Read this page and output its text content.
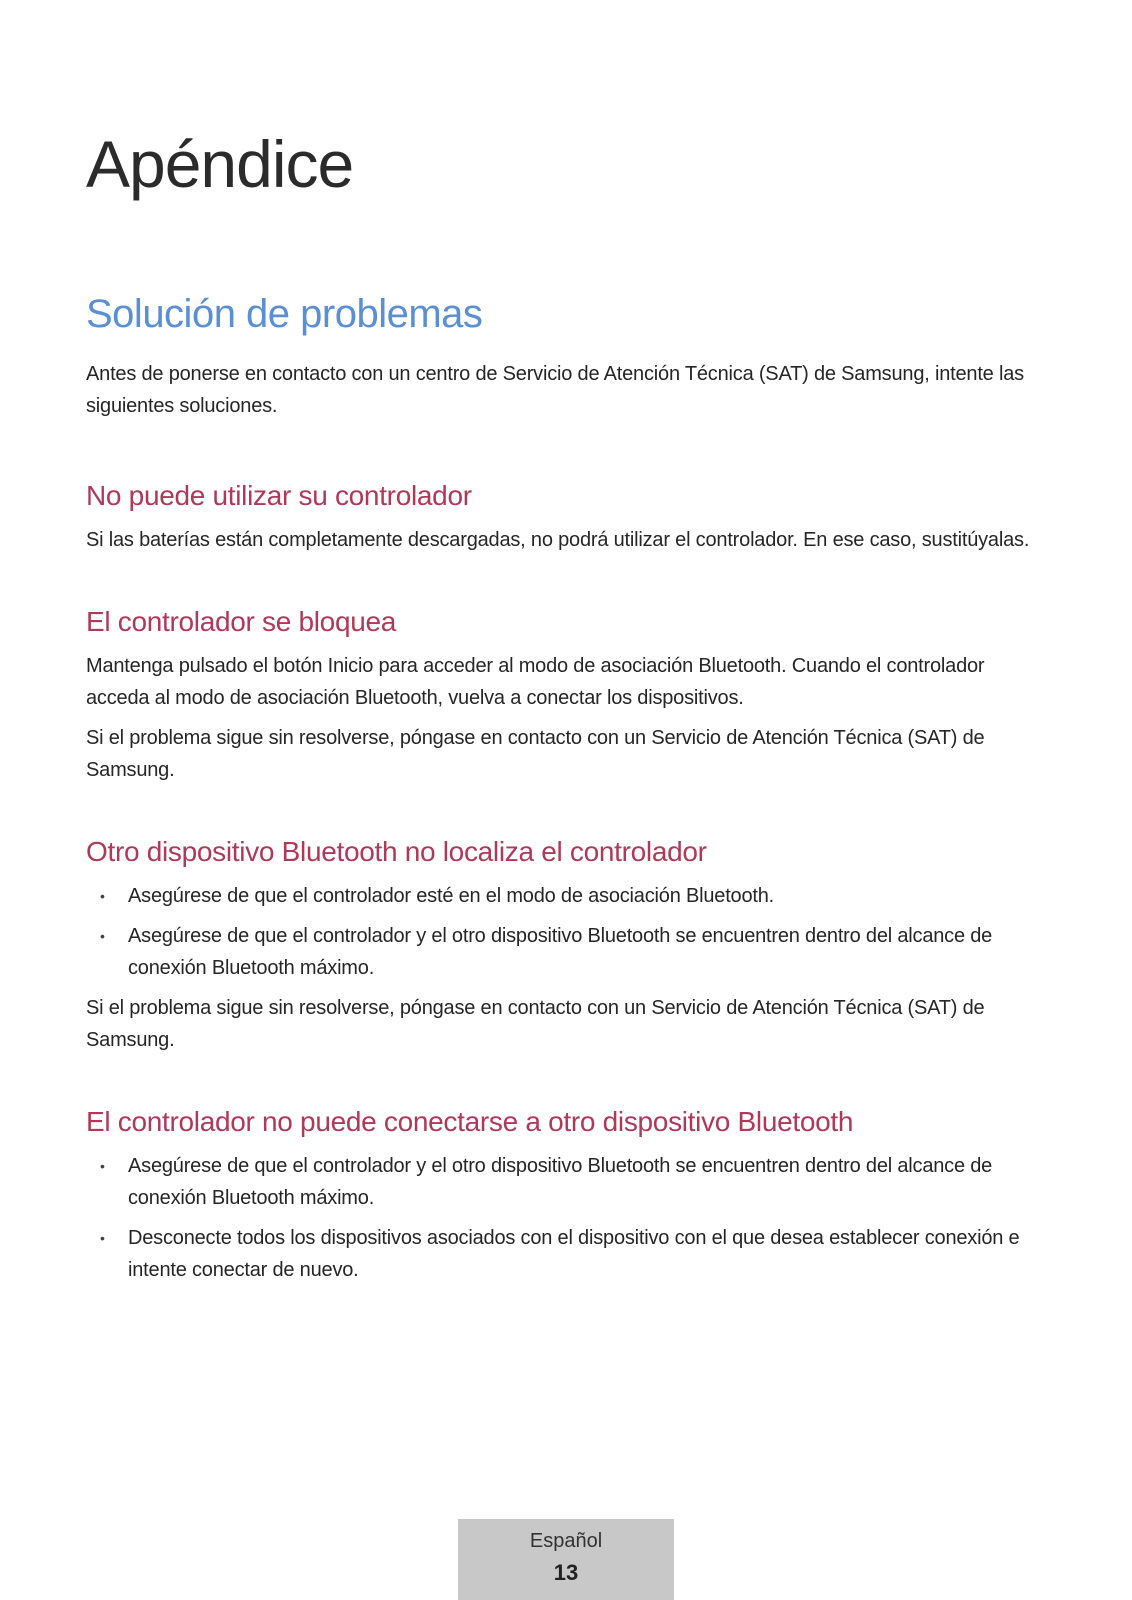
Apéndice
Solución de problemas

Antes de ponerse en contacto con un centro de Servicio de Atención Técnica (SAT) de Samsung, intente las siguientes soluciones.

No puede utilizar su controlador

Si las baterías están completamente descargadas, no podrá utilizar el controlador. En ese caso, sustitúyalas.

El controlador se bloquea

Mantenga pulsado el botón Inicio para acceder al modo de asociación Bluetooth. Cuando el controlador acceda al modo de asociación Bluetooth, vuelva a conectar los dispositivos.

Si el problema sigue sin resolverse, póngase en contacto con un Servicio de Atención Técnica (SAT) de Samsung.

Otro dispositivo Bluetooth no localiza el controlador
• Asegúrese de que el controlador esté en el modo de asociación Bluetooth.
• Asegúrese de que el controlador y el otro dispositivo Bluetooth se encuentren dentro del alcance de conexión Bluetooth máximo.

Si el problema sigue sin resolverse, póngase en contacto con un Servicio de Atención Técnica (SAT) de Samsung.

El controlador no puede conectarse a otro dispositivo Bluetooth
• Asegúrese de que el controlador y el otro dispositivo Bluetooth se encuentren dentro del alcance de conexión Bluetooth máximo.
• Desconecte todos los dispositivos asociados con el dispositivo con el que desea establecer conexión e intente conectar de nuevo.
Español
13
